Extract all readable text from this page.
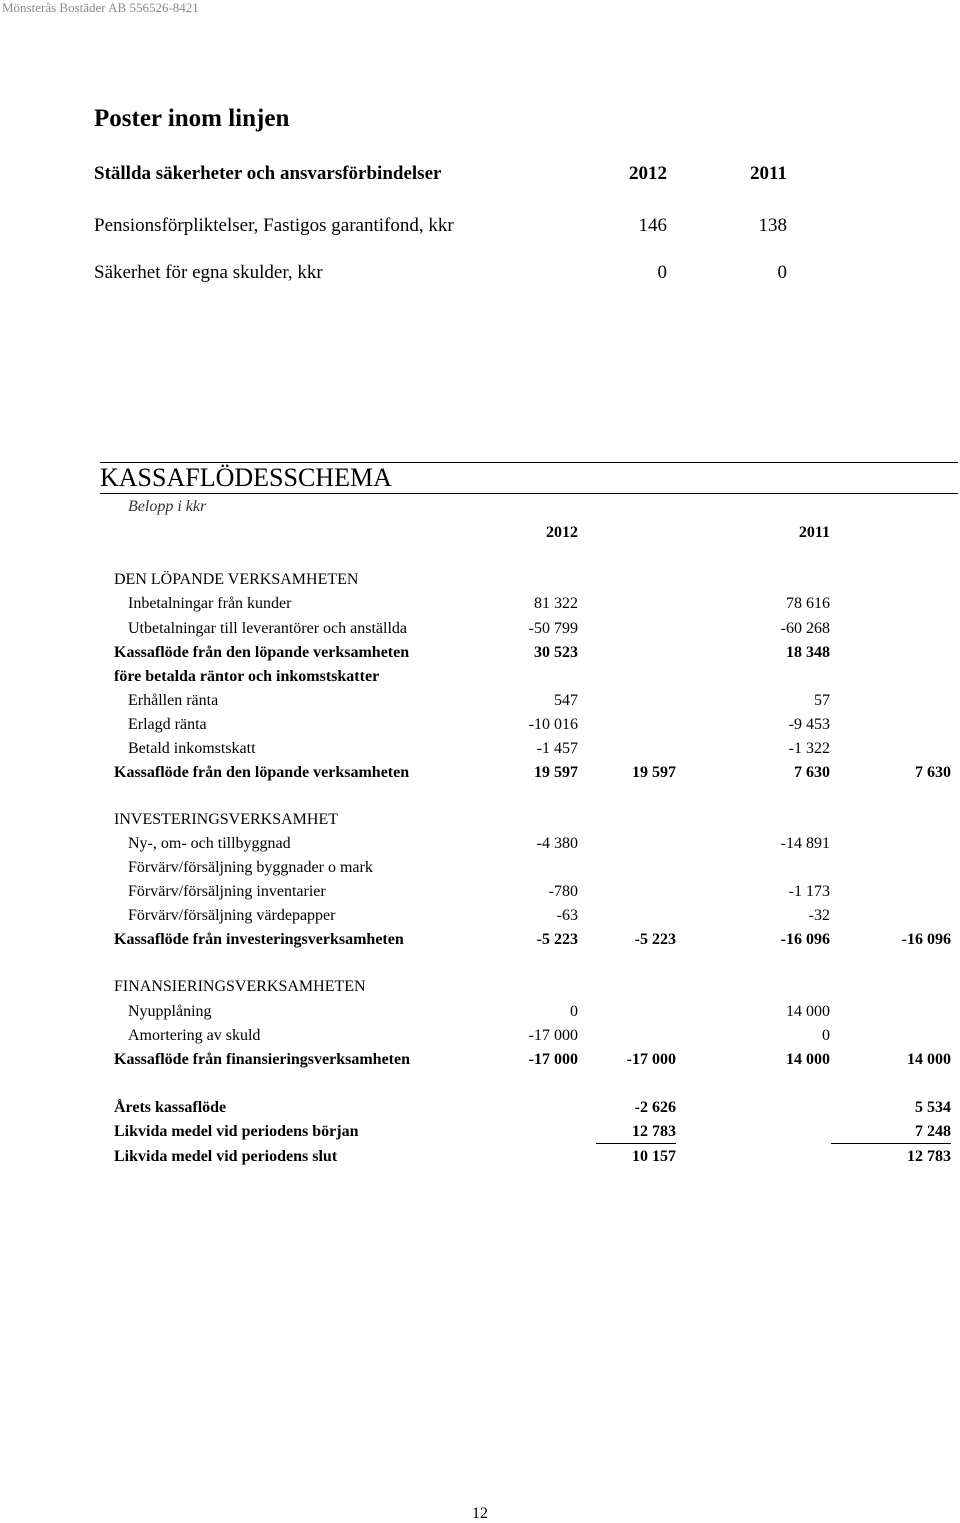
Mönsterås Bostäder AB 556526-8421
Poster inom linjen
Ställda säkerheter och ansvarsförbindelser	2012	2011
Pensionsförpliktelser, Fastigos garantifond, kkr	146	138
Säkerhet för egna skulder, kkr	0	0
KASSAFLÖDESSCHEMA
Belopp i kkr
2012	2011
DEN LÖPANDE VERKSAMHETEN
Inbetalningar från kunder	81 322	78 616
Utbetalningar till leverantörer och anställda	-50 799	-60 268
Kassaflöde från den löpande verksamheten	30 523	18 348
före betalda räntor och inkomstskatter
Erhållen ränta	547	57
Erlagd ränta	-10 016	-9 453
Betald inkomstskatt	-1 457	-1 322
Kassaflöde från den löpande verksamheten	19 597	19 597	7 630	7 630
INVESTERINGSVERKSAMHET
Ny-, om- och tillbyggnad	-4 380	-14 891
Förvärv/försäljning byggnader o mark
Förvärv/försäljning inventarier	-780	-1 173
Förvärv/försäljning värdepapper	-63	-32
Kassaflöde från investeringsverksamheten	-5 223	-5 223	-16 096	-16 096
FINANSIERINGSVERKSAMHETEN
Nyupplåning	0	14 000
Amortering av skuld	-17 000	0
Kassaflöde från finansieringsverksamheten	-17 000	-17 000	14 000	14 000
Årets kassaflöde	-2 626	5 534
Likvida medel vid periodens början	12 783	7 248
Likvida medel vid periodens slut	10 157	12 783
12
